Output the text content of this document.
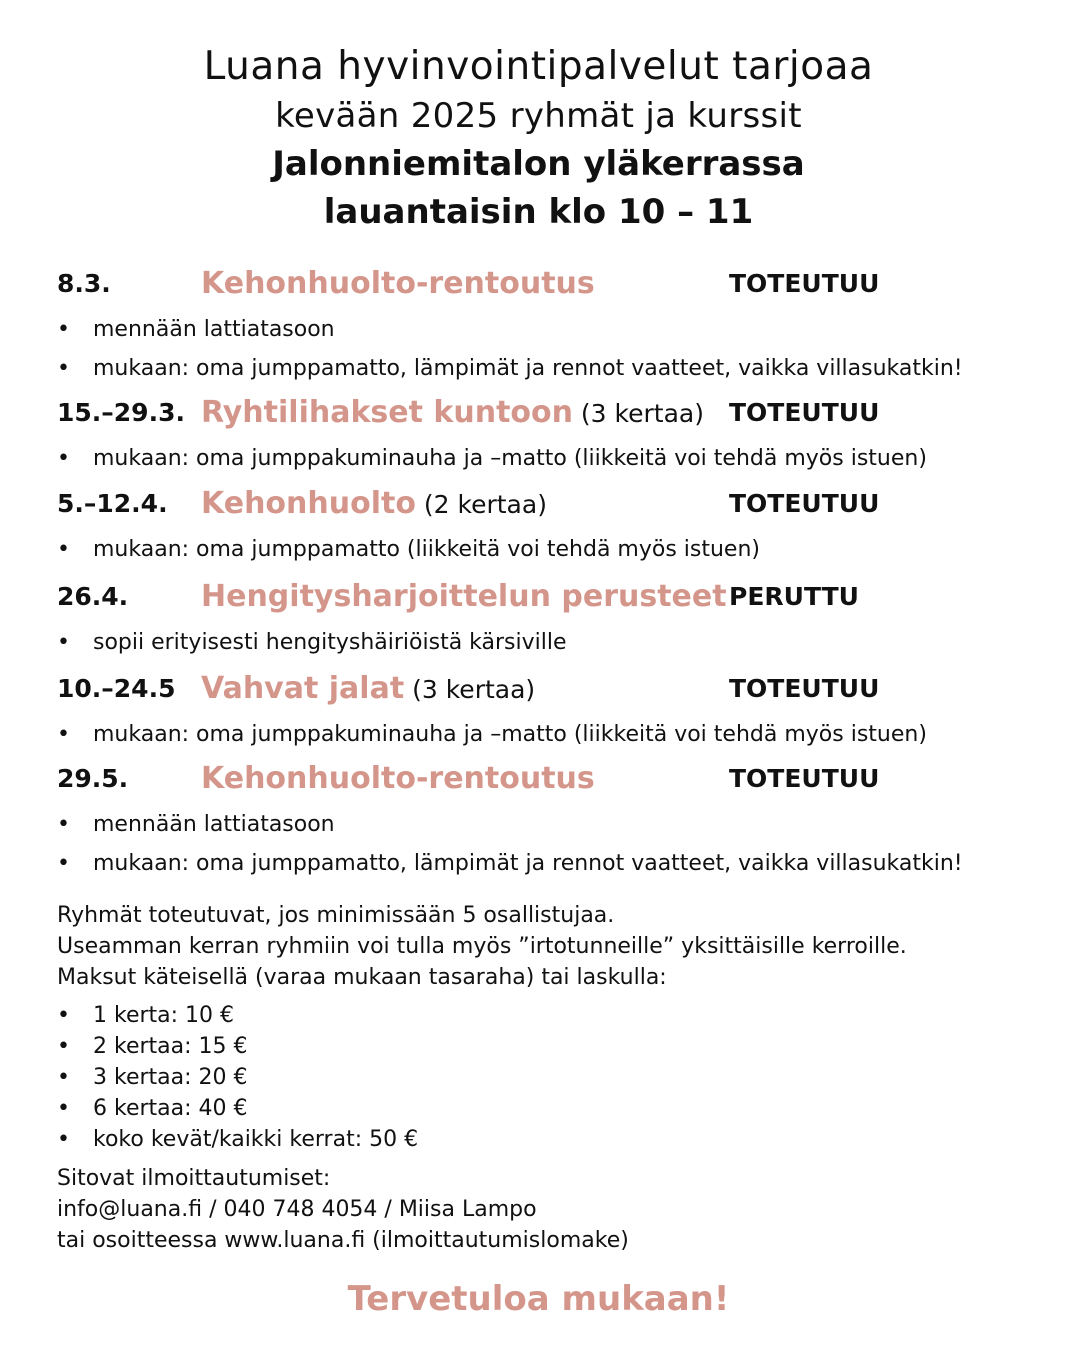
Luana hyvinvointipalvelut tarjoaa
kevään 2025 ryhmät ja kurssit
Jalonniemitalon yläkerrassa
lauantaisin klo 10 – 11
8.3.	Kehonhuolto-rentoutus	TOTEUTUU
• mennään lattiatasoon
• mukaan: oma jumppamatto, lämpimät ja rennot vaatteet, vaikka villasukatkin!
15.–29.3. Ryhtilihakset kuntoon (3 kertaa) TOTEUTUU
• mukaan: oma jumppakuminauha ja –matto (liikkeitä voi tehdä myös istuen)
5.–12.4. Kehonhuolto (2 kertaa)	TOTEUTUU
• mukaan: oma jumppamatto (liikkeitä voi tehdä myös istuen)
26.4. Hengitysharjoittelun perusteet PERUTTU
• sopii erityisesti hengityshäiriöistä kärsiville
10.–24.5 Vahvat jalat (3 kertaa)	TOTEUTUU
• mukaan: oma jumppakuminauha ja –matto (liikkeitä voi tehdä myös istuen)
29.5. Kehonhuolto-rentoutus	TOTEUTUU
• mennään lattiatasoon
• mukaan: oma jumppamatto, lämpimät ja rennot vaatteet, vaikka villasukatkin!
Ryhmät toteutuvat, jos minimissään 5 osallistujaa.
Useamman kerran ryhmiin voi tulla myös ”irtotunneille” yksittäisille kerroille.
Maksut käteisellä (varaa mukaan tasaraha) tai laskulla:
• 1 kerta: 10 €
• 2 kertaa: 15 €
• 3 kertaa: 20 €
• 6 kertaa: 40 €
• koko kevät/kaikki kerrat: 50 €
Sitovat ilmoittautumiset:
info@luana.fi / 040 748 4054 / Miisa Lampo
tai osoitteessa www.luana.fi (ilmoittautumislomake)
Tervetuloa mukaan!
